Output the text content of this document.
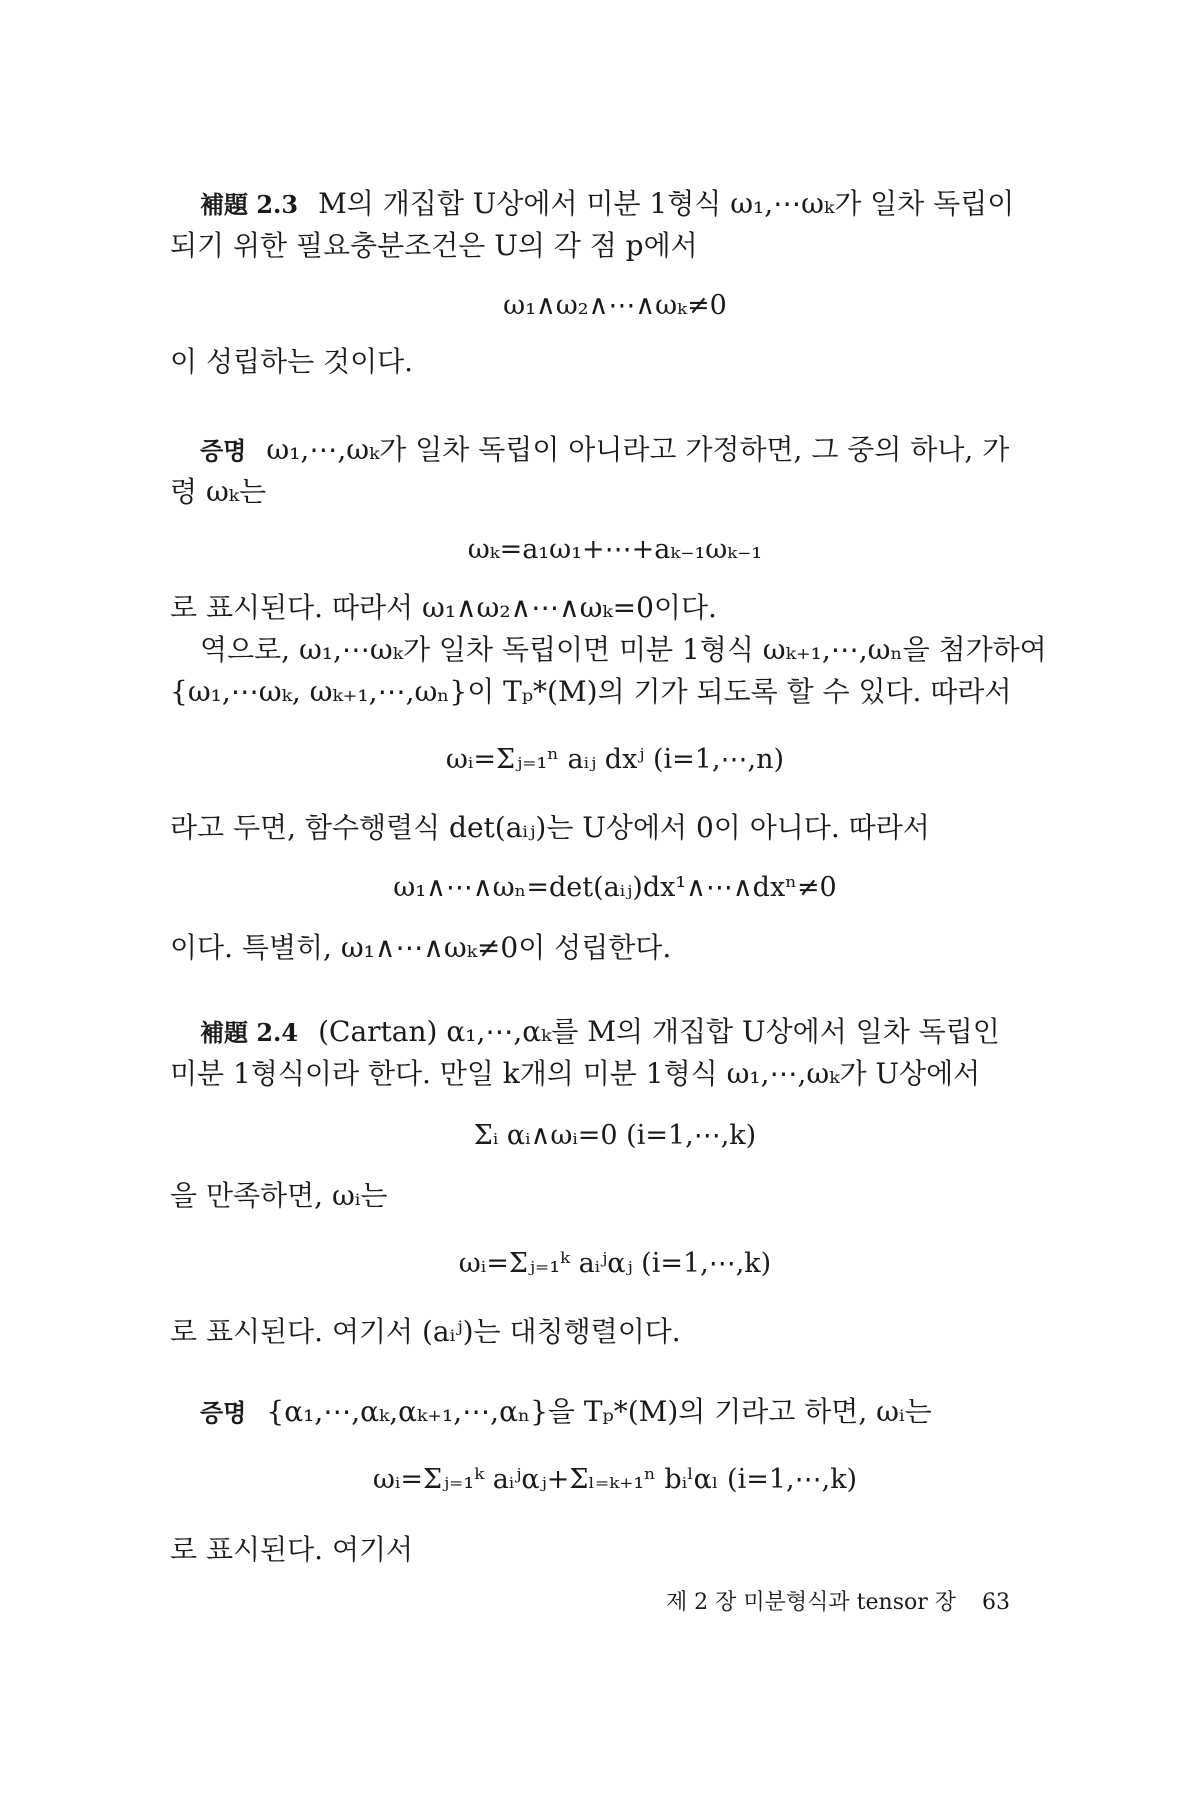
補題 2.3 M의 개집합 U상에서 미분 1형식 ω₁,⋯ωₖ가 일차 독립이
되기 위한 필요충분조건은 U의 각 점 p에서
ω₁∧ω₂∧⋯∧ωₖ≠0
이 성립하는 것이다.
증명 ω₁,⋯,ωₖ가 일차 독립이 아니라고 가정하면, 그 중의 하나, 가
령 ωₖ는
ωₖ=a₁ω₁+⋯+aₖ₋₁ωₖ₋₁
로 표시된다. 따라서 ω₁∧ω₂∧⋯∧ωₖ=0이다.
역으로, ω₁,⋯ωₖ가 일차 독립이면 미분 1형식 ωₖ₊₁,⋯,ωₙ을 첨가하여
{ω₁,⋯ωₖ, ωₖ₊₁,⋯,ωₙ}이 Tₚ*(M)의 기가 되도록 할 수 있다. 따라서
ωᵢ=Σⱼ₌₁ⁿ aᵢⱼ dxʲ (i=1,⋯,n)
라고 두면, 함수행렬식 det(aᵢⱼ)는 U상에서 0이 아니다. 따라서
ω₁∧⋯∧ωₙ=det(aᵢⱼ)dx¹∧⋯∧dxⁿ≠0
이다. 특별히, ω₁∧⋯∧ωₖ≠0이 성립한다.
補題 2.4 (Cartan) α₁,⋯,αₖ를 M의 개집합 U상에서 일차 독립인
미분 1형식이라 한다. 만일 k개의 미분 1형식 ω₁,⋯,ωₖ가 U상에서
Σᵢ αᵢ∧ωᵢ=0 (i=1,⋯,k)
을 만족하면, ωᵢ는
ωᵢ=Σⱼ₌₁ᵏ aᵢʲαⱼ (i=1,⋯,k)
로 표시된다. 여기서 (aᵢʲ)는 대칭행렬이다.
증명 {α₁,⋯,αₖ,αₖ₊₁,⋯,αₙ}을 Tₚ*(M)의 기라고 하면, ωᵢ는
ωᵢ=Σⱼ₌₁ᵏ aᵢʲαⱼ+Σₗ₌ₖ₊₁ⁿ bᵢˡαₗ (i=1,⋯,k)
로 표시된다. 여기서
제 2 장 미분형식과 tensor 장 63
